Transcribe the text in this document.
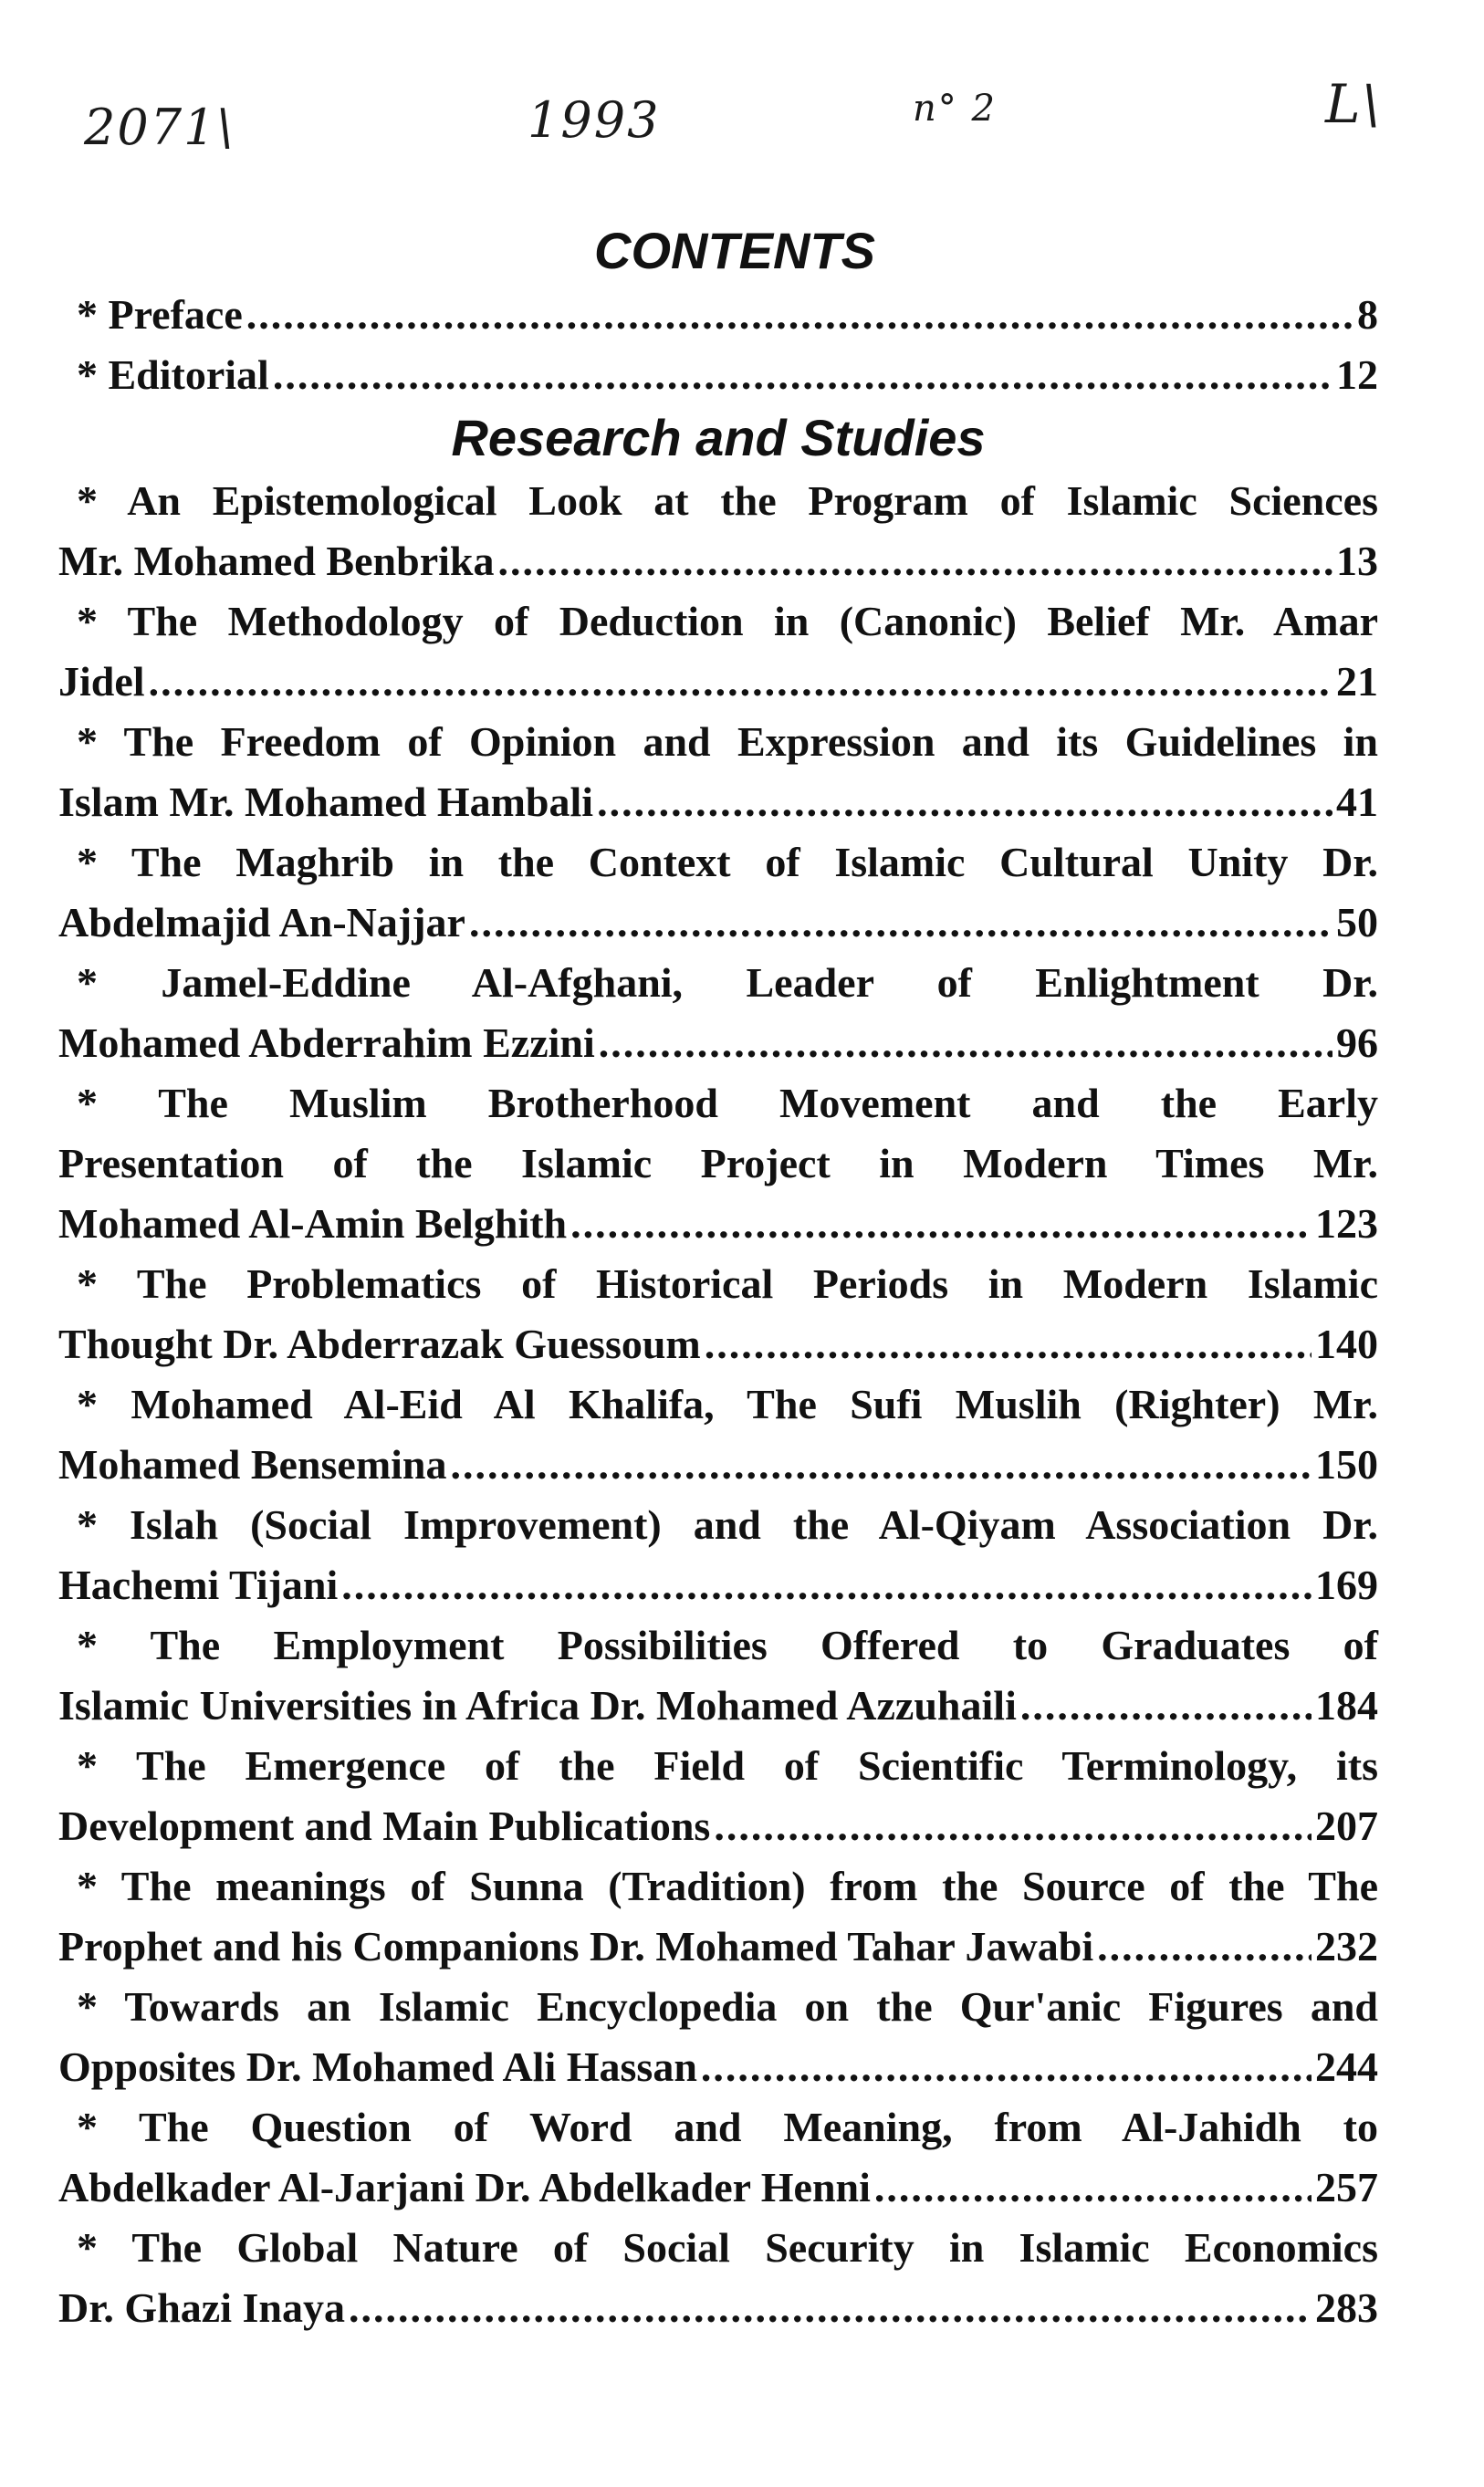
2071\	1993	n° 2	L\
CONTENTS
* Preface .....	8
* Editorial .....	12
Research and Studies
* An Epistemological Look at the Program of Islamic Sciences
Mr. Mohamed Benbrika .....	13
* The Methodology of Deduction in (Canonic) Belief Mr. Amar
Jidel .....	21
* The Freedom of Opinion and Expression and its Guidelines in
Islam Mr. Mohamed Hambali .....	41
* The Maghrib in the Context of Islamic Cultural Unity Dr.
Abdelmajid An-Najjar .....	50
* Jamel-Eddine Al-Afghani, Leader of Enlightment Dr.
Mohamed Abderrahim Ezzini .....	96
* The Muslim Brotherhood Movement and the Early
Presentation of the Islamic Project in Modern Times Mr.
Mohamed Al-Amin Belghith .....	123
* The Problematics of Historical Periods in Modern Islamic
Thought Dr. Abderrazak Guessoum .....	140
* Mohamed Al-Eid Al Khalifa, The Sufi Muslih (Righter) Mr.
Mohamed Bensemina .....	150
* Islah (Social Improvement) and the Al-Qiyam Association Dr.
Hachemi Tijani .....	169
* The Employment Possibilities Offered to Graduates of
Islamic Universities in Africa Dr. Mohamed Azzuhaili .....	184
* The Emergence of the Field of Scientific Terminology, its
Development and Main Publications .....	207
* The meanings of Sunna (Tradition) from the Source of the The
Prophet and his Companions Dr. Mohamed Tahar Jawabi .....	232
* Towards an Islamic Encyclopedia on the Qur'anic Figures and
Opposites Dr. Mohamed Ali Hassan .....	244
* The Question of Word and Meaning, from Al-Jahidh to
Abdelkader Al-Jarjani Dr. Abdelkader Henni .....	257
* The Global Nature of Social Security in Islamic Economics
Dr. Ghazi Inaya .....	283
